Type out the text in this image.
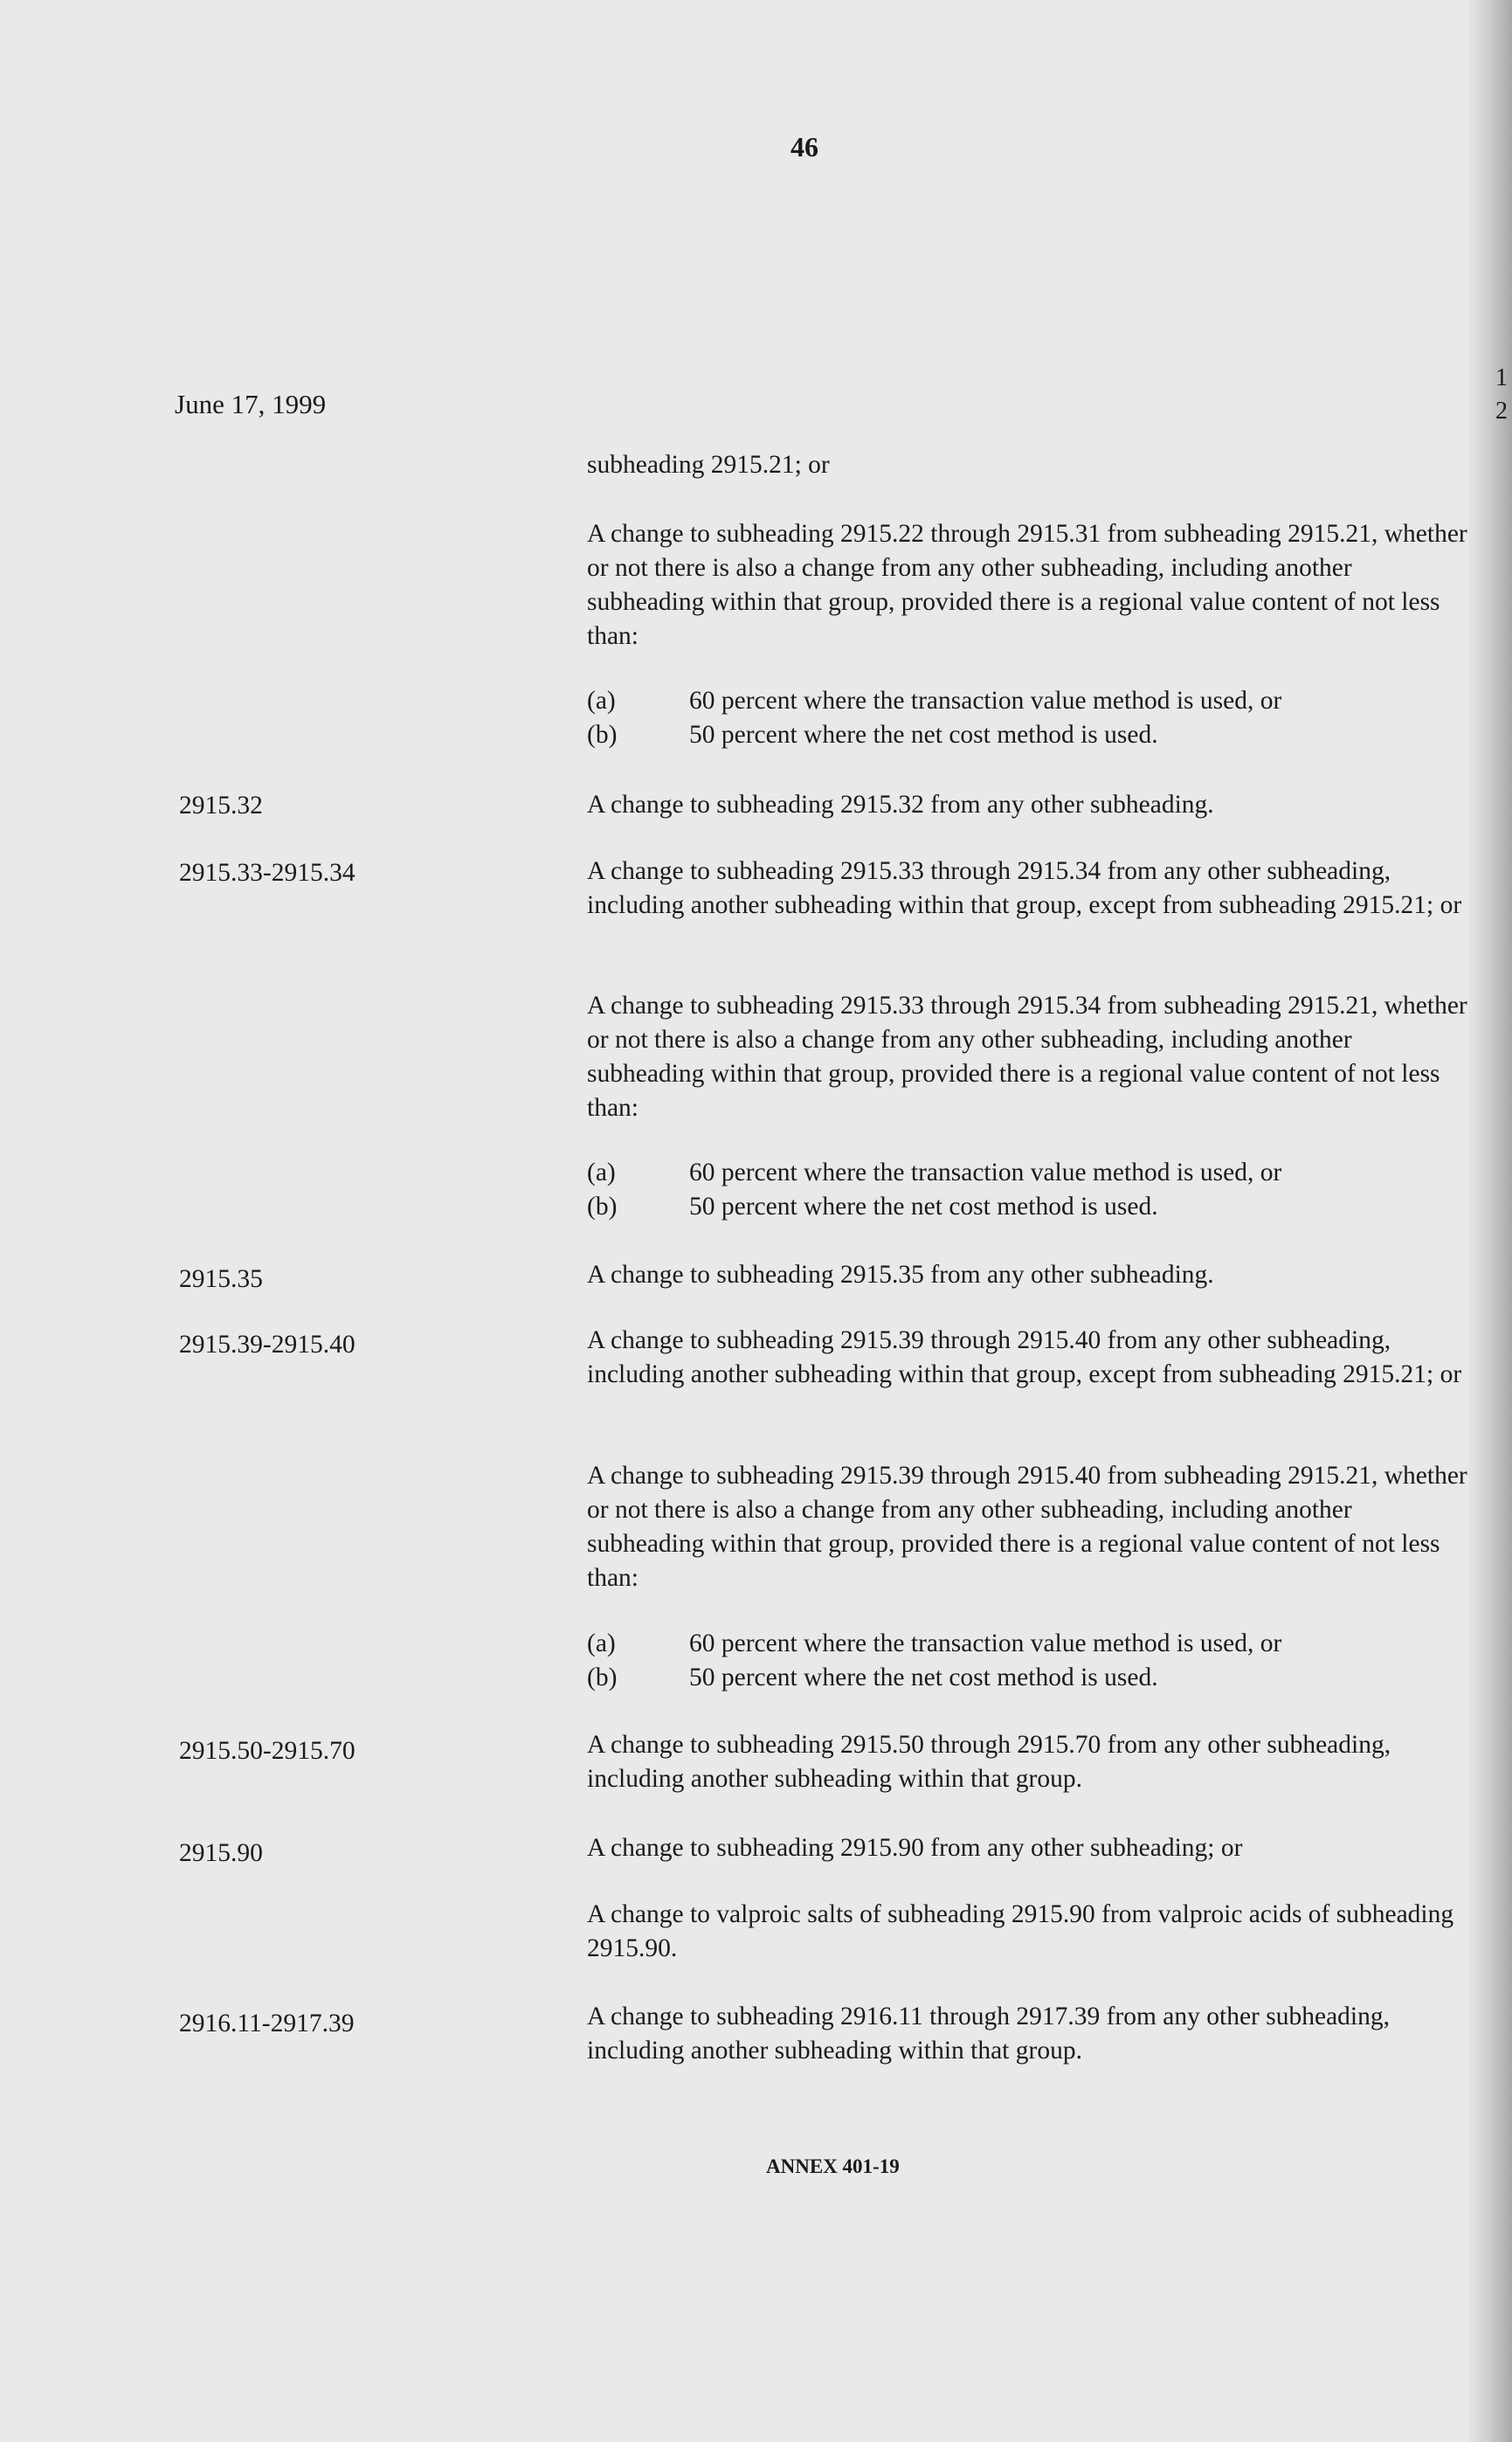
1
2
46
June 17, 1999
subheading 2915.21; or
A change to subheading 2915.22 through 2915.31 from subheading 2915.21, whether or not there is also a change from any other subheading, including another subheading within that group, provided there is a regional value content of not less than:
(a)	60 percent where the transaction value method is used, or
(b)	50 percent where the net cost method is used.
2915.32	A change to subheading 2915.32 from any other subheading.
2915.33-2915.34	A change to subheading 2915.33 through 2915.34 from any other subheading, including another subheading within that group, except from subheading 2915.21; or
A change to subheading 2915.33 through 2915.34 from subheading 2915.21, whether or not there is also a change from any other subheading, including another subheading within that group, provided there is a regional value content of not less than:
(a)	60 percent where the transaction value method is used, or
(b)	50 percent where the net cost method is used.
2915.35	A change to subheading 2915.35 from any other subheading.
2915.39-2915.40	A change to subheading 2915.39 through 2915.40 from any other subheading, including another subheading within that group, except from subheading 2915.21; or
A change to subheading 2915.39 through 2915.40 from subheading 2915.21, whether or not there is also a change from any other subheading, including another subheading within that group, provided there is a regional value content of not less than:
(a)	60 percent where the transaction value method is used, or
(b)	50 percent where the net cost method is used.
2915.50-2915.70	A change to subheading 2915.50 through 2915.70 from any other subheading, including another subheading within that group.
2915.90	A change to subheading 2915.90 from any other subheading; or
A change to valproic salts of subheading 2915.90 from valproic acids of subheading 2915.90.
2916.11-2917.39	A change to subheading 2916.11 through 2917.39 from any other subheading, including another subheading within that group.
ANNEX 401-19
